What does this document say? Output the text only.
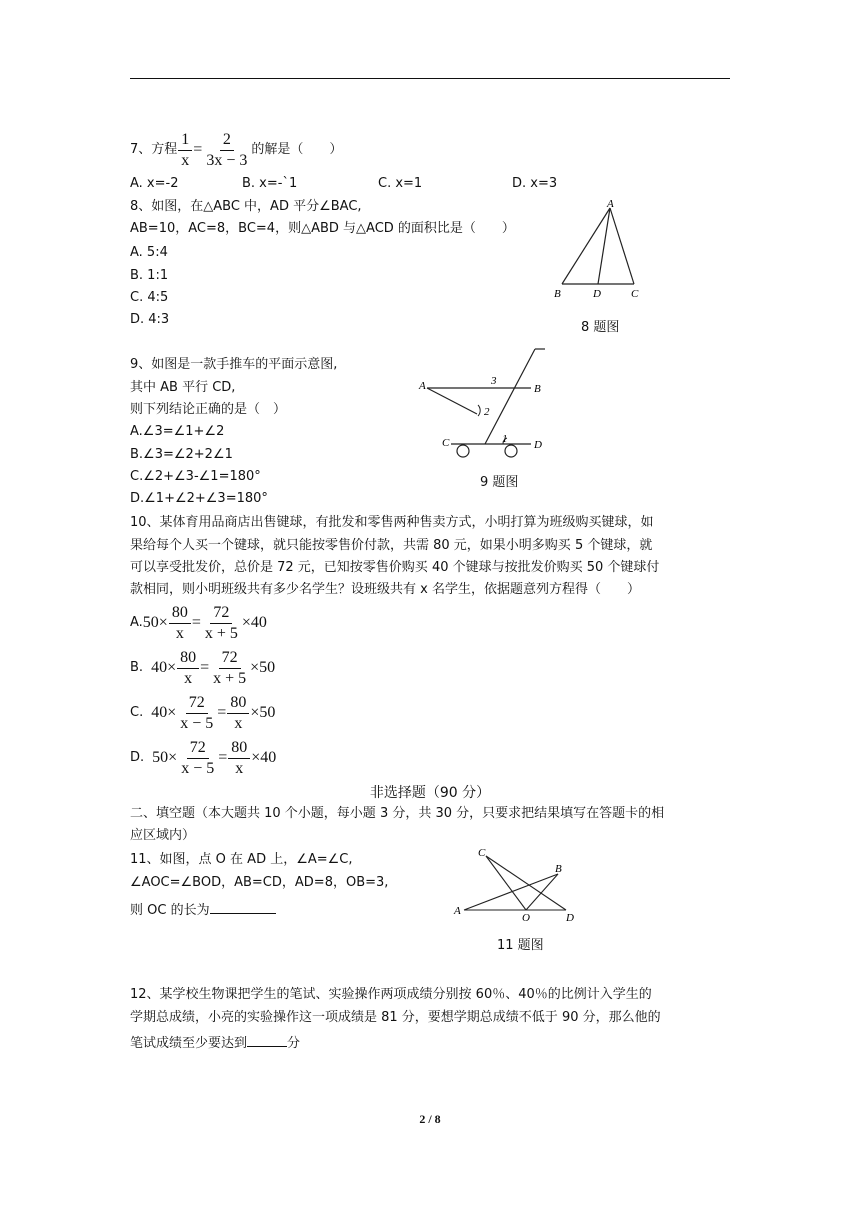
7、方程 $\frac{1}{x} = \frac{2}{3x - 3}$ 的解是（　　）
A. x=-2	B. x=-`1	C. x=1	D. x=3
8、如图，在△ABC 中，AD 平分∠BAC,
AB=10，AC=8，BC=4，则△ABD 与△ACD 的面积比是（　　）
A. 5:4
B. 1:1
C. 4:5
D. 4:3
A
B	D	C
8 题图
9、如图是一款手推车的平面示意图,
其中 AB 平行 CD,
则下列结论正确的是（　）
A.∠3=∠1+∠2
B.∠3=∠2+2∠1
C.∠2+∠3-∠1=180°
D.∠1+∠2+∠3=180°
A	B
C	D
1
2
3
9 题图
10、某体育用品商店出售键球，有批发和零售两种售卖方式，小明打算为班级购买键球，如
果给每个人买一个键球，就只能按零售价付款，共需 80 元，如果小明多购买 5 个键球，就
可以享受批发价，总价是 72 元，已知按零售价购买 40 个键球与按批发价购买 50 个键球付
款相同，则小明班级共有多少名学生？设班级共有 x 名学生，依据题意列方程得（　　）
A. $50\times \frac{80}{x} = \frac{72}{x + 5} \times 40$
B. $40\times \frac{80}{x} = \frac{72}{x + 5} \times 50$
C. $40\times \frac{72}{x - 5} = \frac{80}{x} \times 50$
D. $50\times \frac{72}{x - 5} = \frac{80}{x} \times 40$
非选择题（90 分）
二、填空题（本大题共 10 个小题，每小题 3 分，共 30 分，只要求把结果填写在答题卡的相
应区域内）
11、如图，点 O 在 AD 上，∠A=∠C,
∠AOC=∠BOD，AB=CD，AD=8，OB=3,
则 OC 的长为	A
B
C
D
O
11 题图
12、某学校生物课把学生的笔试、实验操作两项成绩分别按 60％、40％的比例计入学生的
学期总成绩，小亮的实验操作这一项成绩是 81 分，要想学期总成绩不低于 90 分，那么他的
笔试成绩至少要达到	分
2 / 8
